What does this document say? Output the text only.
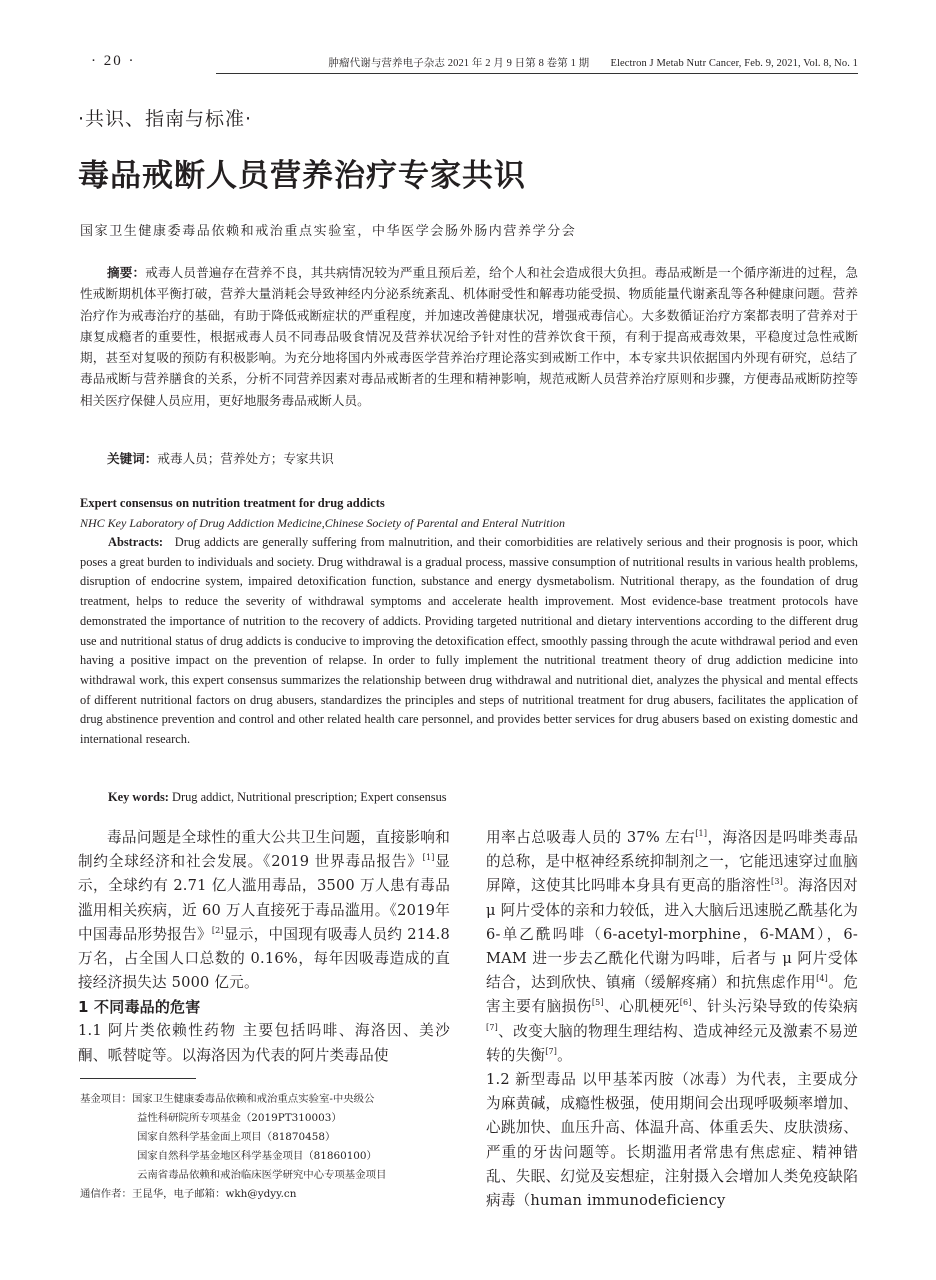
· 20 ·	肿瘤代谢与营养电子杂志 2021 年 2 月 9 日第 8 卷第 1 期　　Electron J Metab Nutr Cancer, Feb. 9, 2021, Vol. 8, No. 1
·共识、指南与标准·
毒品戒断人员营养治疗专家共识
国家卫生健康委毒品依赖和戒治重点实验室，中华医学会肠外肠内营养学分会
摘要：戒毒人员普遍存在营养不良，其共病情况较为严重且预后差，给个人和社会造成很大负担。毒品戒断是一个循序渐进的过程，急性戒断期机体平衡打破，营养大量消耗会导致神经内分泌系统紊乱、机体耐受性和解毒功能受损、物质能量代谢紊乱等各种健康问题。营养治疗作为戒毒治疗的基础，有助于降低戒断症状的严重程度，并加速改善健康状况，增强戒毒信心。大多数循证治疗方案都表明了营养对于康复成瘾者的重要性，根据戒毒人员不同毒品吸食情况及营养状况给予针对性的营养饮食干预，有利于提高戒毒效果，平稳度过急性戒断期，甚至对复吸的预防有积极影响。为充分地将国内外戒毒医学营养治疗理论落实到戒断工作中，本专家共识依据国内外现有研究，总结了毒品戒断与营养膳食的关系，分析不同营养因素对毒品戒断者的生理和精神影响，规范戒断人员营养治疗原则和步骤，方便毒品戒断防控等相关医疗保健人员应用，更好地服务毒品戒断人员。
关键词：戒毒人员；营养处方；专家共识
Expert consensus on nutrition treatment for drug addicts
NHC Key Laboratory of Drug Addiction Medicine,Chinese Society of Parental and Enteral Nutrition
Abstracts: Drug addicts are generally suffering from malnutrition, and their comorbidities are relatively serious and their prognosis is poor, which poses a great burden to individuals and society. Drug withdrawal is a gradual process, massive consumption of nutritional results in various health problems, disruption of endocrine system, impaired detoxification function, substance and energy dysmetabolism. Nutritional therapy, as the foundation of drug treatment, helps to reduce the severity of withdrawal symptoms and accelerate health improvement. Most evidence-base treatment protocols have demonstrated the importance of nutrition to the recovery of addicts. Providing targeted nutritional and dietary interventions according to the different drug use and nutritional status of drug addicts is conducive to improving the detoxification effect, smoothly passing through the acute withdrawal period and even having a positive impact on the prevention of relapse. In order to fully implement the nutritional treatment theory of drug addiction medicine into withdrawal work, this expert consensus summarizes the relationship between drug withdrawal and nutritional diet, analyzes the physical and mental effects of different nutritional factors on drug abusers, standardizes the principles and steps of nutritional treatment for drug abusers, facilitates the application of drug abstinence prevention and control and other related health care personnel, and provides better services for drug abusers based on existing domestic and international research.
Key words: Drug addict, Nutritional prescription; Expert consensus

毒品问题是全球性的重大公共卫生问题，直接影响和制约全球经济和社会发展。《2019 世界毒品报告》[1]显示，全球约有 2.71 亿人滥用毒品，3500 万人患有毒品滥用相关疾病，近 60 万人直接死于毒品滥用。《2019年中国毒品形势报告》[2]显示，中国现有吸毒人员约 214.8 万名，占全国人口总数的 0.16%，每年因吸毒造成的直接经济损失达 5000 亿元。

1 不同毒品的危害

1.1 阿片类依赖性药物 主要包括吗啡、海洛因、美沙酮、哌替啶等。以海洛因为代表的阿片类毒品使

用率占总吸毒人员的 37% 左右[1]，海洛因是吗啡类毒品的总称，是中枢神经系统抑制剂之一，它能迅速穿过血脑屏障，这使其比吗啡本身具有更高的脂溶性[3]。海洛因对 μ 阿片受体的亲和力较低，进入大脑后迅速脱乙酰基化为 6-单乙酰吗啡（6-acetyl-morphine，6-MAM），6-MAM 进一步去乙酰化代谢为吗啡，后者与 μ 阿片受体结合，达到欣快、镇痛（缓解疼痛）和抗焦虑作用[4]。危害主要有脑损伤[5]、心肌梗死[6]、针头污染导致的传染病[7]、改变大脑的物理生理结构、造成神经元及激素不易逆转的失衡[7]。

1.2 新型毒品 以甲基苯丙胺（冰毒）为代表，主要成分为麻黄碱，成瘾性极强，使用期间会出现呼吸频率增加、心跳加快、血压升高、体温升高、体重丢失、皮肤溃疡、严重的牙齿问题等。长期滥用者常患有焦虑症、精神错乱、失眠、幻觉及妄想症，注射摄入会增加人类免疫缺陷病毒（human immunodeficiency

基金项目：国家卫生健康委毒品依赖和戒治重点实验室-中央级公
益性科研院所专项基金（2019PT310003）
国家自然科学基金面上项目（81870458）
国家自然科学基金地区科学基金项目（81860100）
云南省毒品依赖和戒治临床医学研究中心专项基金项目
通信作者：王昆华，电子邮箱：wkh@ydyy.cn
